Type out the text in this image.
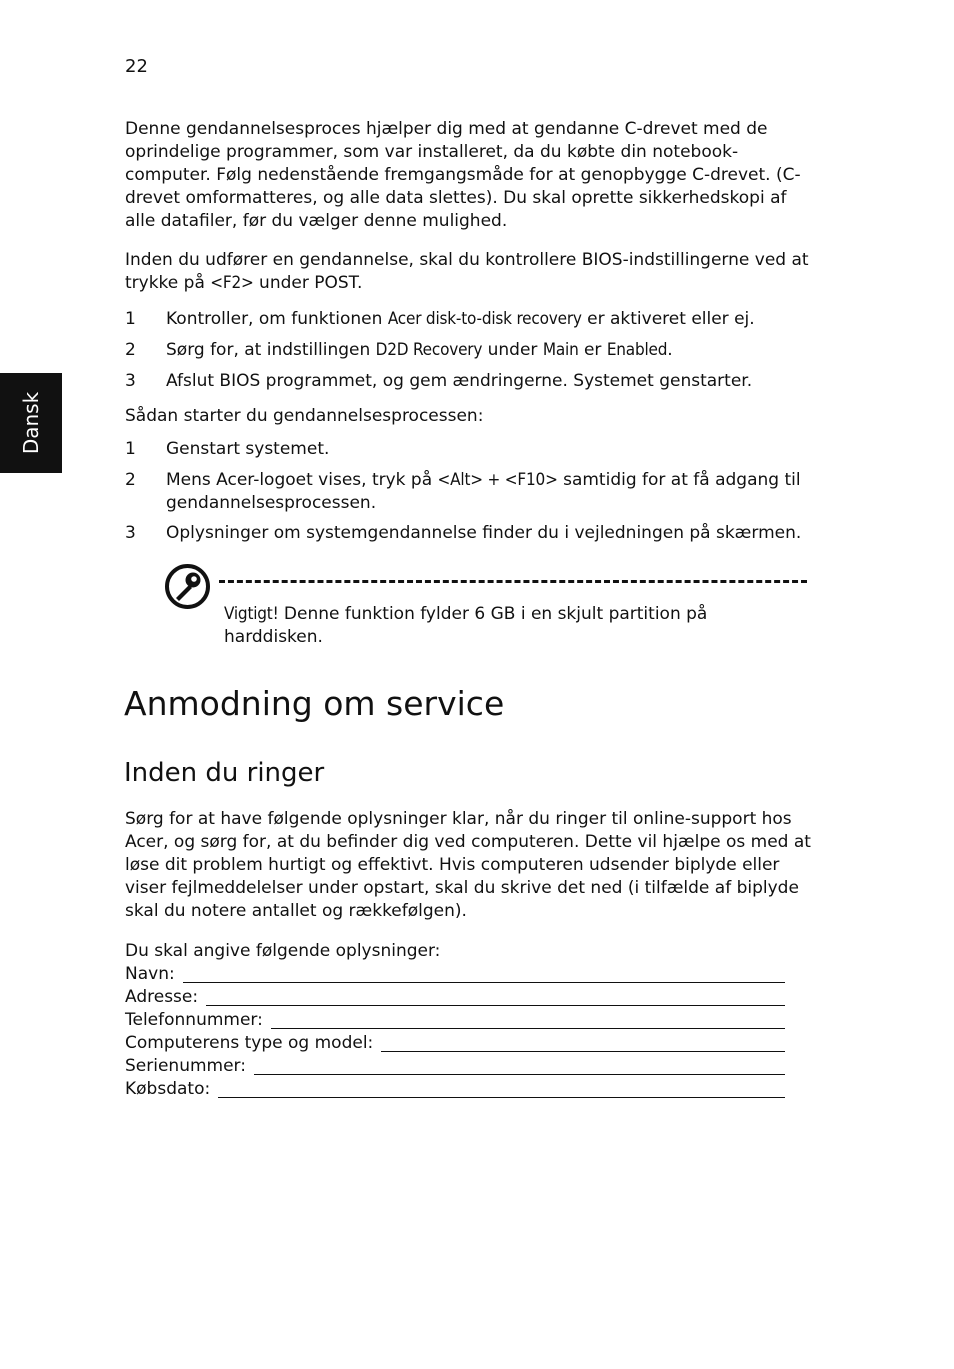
22
Dansk

Denne gendannelsesproces hjælper dig med at gendanne C-drevet med de oprindelige programmer, som var installeret, da du købte din notebook-computer. Følg nedenstående fremgangsmåde for at genopbygge C-drevet. (C-drevet omformatteres, og alle data slettes). Du skal oprette sikkerhedskopi af alle datafiler, før du vælger denne mulighed.

Inden du udfører en gendannelse, skal du kontrollere BIOS-indstillingerne ved at trykke på <F2> under POST.

1 Kontroller, om funktionen Acer disk-to-disk recovery er aktiveret eller ej.
2 Sørg for, at indstillingen D2D Recovery under Main er Enabled.
3 Afslut BIOS programmet, og gem ændringerne. Systemet genstarter.

Sådan starter du gendannelsesprocessen:

1 Genstart systemet.
2 Mens Acer-logoet vises, tryk på <Alt> + <F10> samtidig for at få adgang til gendannelsesprocessen.
3 Oplysninger om systemgendannelse finder du i vejledningen på skærmen.
Vigtigt! Denne funktion fylder 6 GB i en skjult partition på harddisken.
Anmodning om service
Inden du ringer

Sørg for at have følgende oplysninger klar, når du ringer til online-support hos Acer, og sørg for, at du befinder dig ved computeren. Dette vil hjælpe os med at løse dit problem hurtigt og effektivt. Hvis computeren udsender biplyde eller viser fejlmeddelelser under opstart, skal du skrive det ned (i tilfælde af biplyde skal du notere antallet og rækkefølgen).

Du skal angive følgende oplysninger:

Navn:
Adresse:
Telefonnummer:
Computerens type og model:
Serienummer:
Købsdato:
